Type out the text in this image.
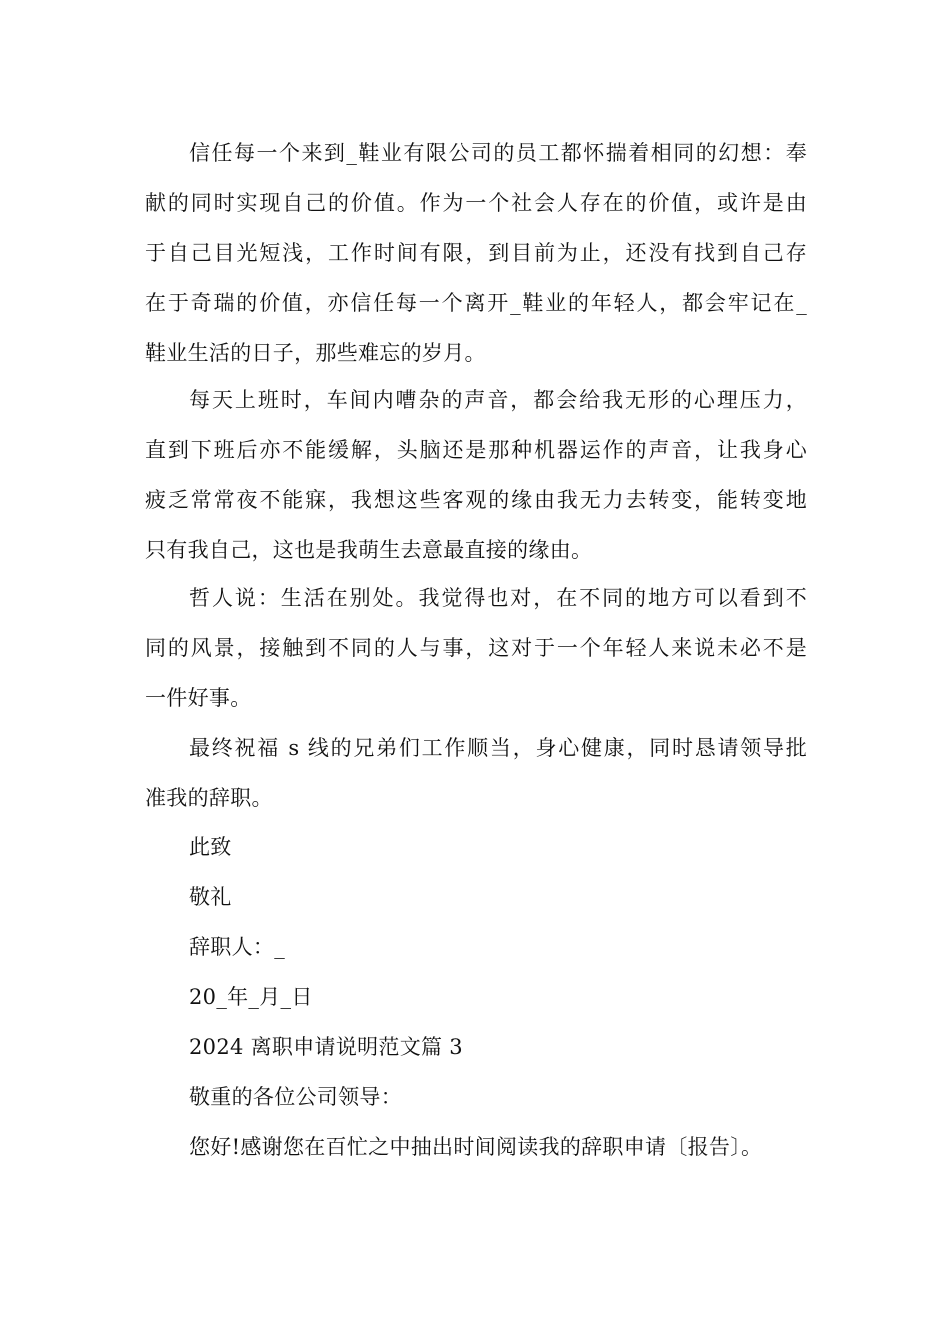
信任每一个来到_鞋业有限公司的员工都怀揣着相同的幻想：奉
献的同时实现自己的价值。作为一个社会人存在的价值，或许是由
于自己目光短浅，工作时间有限，到目前为止，还没有找到自己存
在于奇瑞的价值，亦信任每一个离开_鞋业的年轻人，都会牢记在_
鞋业生活的日子，那些难忘的岁月。
每天上班时，车间内嘈杂的声音，都会给我无形的心理压力，
直到下班后亦不能缓解，头脑还是那种机器运作的声音，让我身心
疲乏常常夜不能寐，我想这些客观的缘由我无力去转变，能转变地
只有我自己，这也是我萌生去意最直接的缘由。
哲人说：生活在别处。我觉得也对，在不同的地方可以看到不
同的风景，接触到不同的人与事，这对于一个年轻人来说未必不是
一件好事。
最终祝福 s 线的兄弟们工作顺当，身心健康，同时恳请领导批
准我的辞职。
此致
敬礼
辞职人：_
20_年_月_日
2024 离职申请说明范文篇 3
敬重的各位公司领导：
您好!感谢您在百忙之中抽出时间阅读我的辞职申请〔报告〕。
